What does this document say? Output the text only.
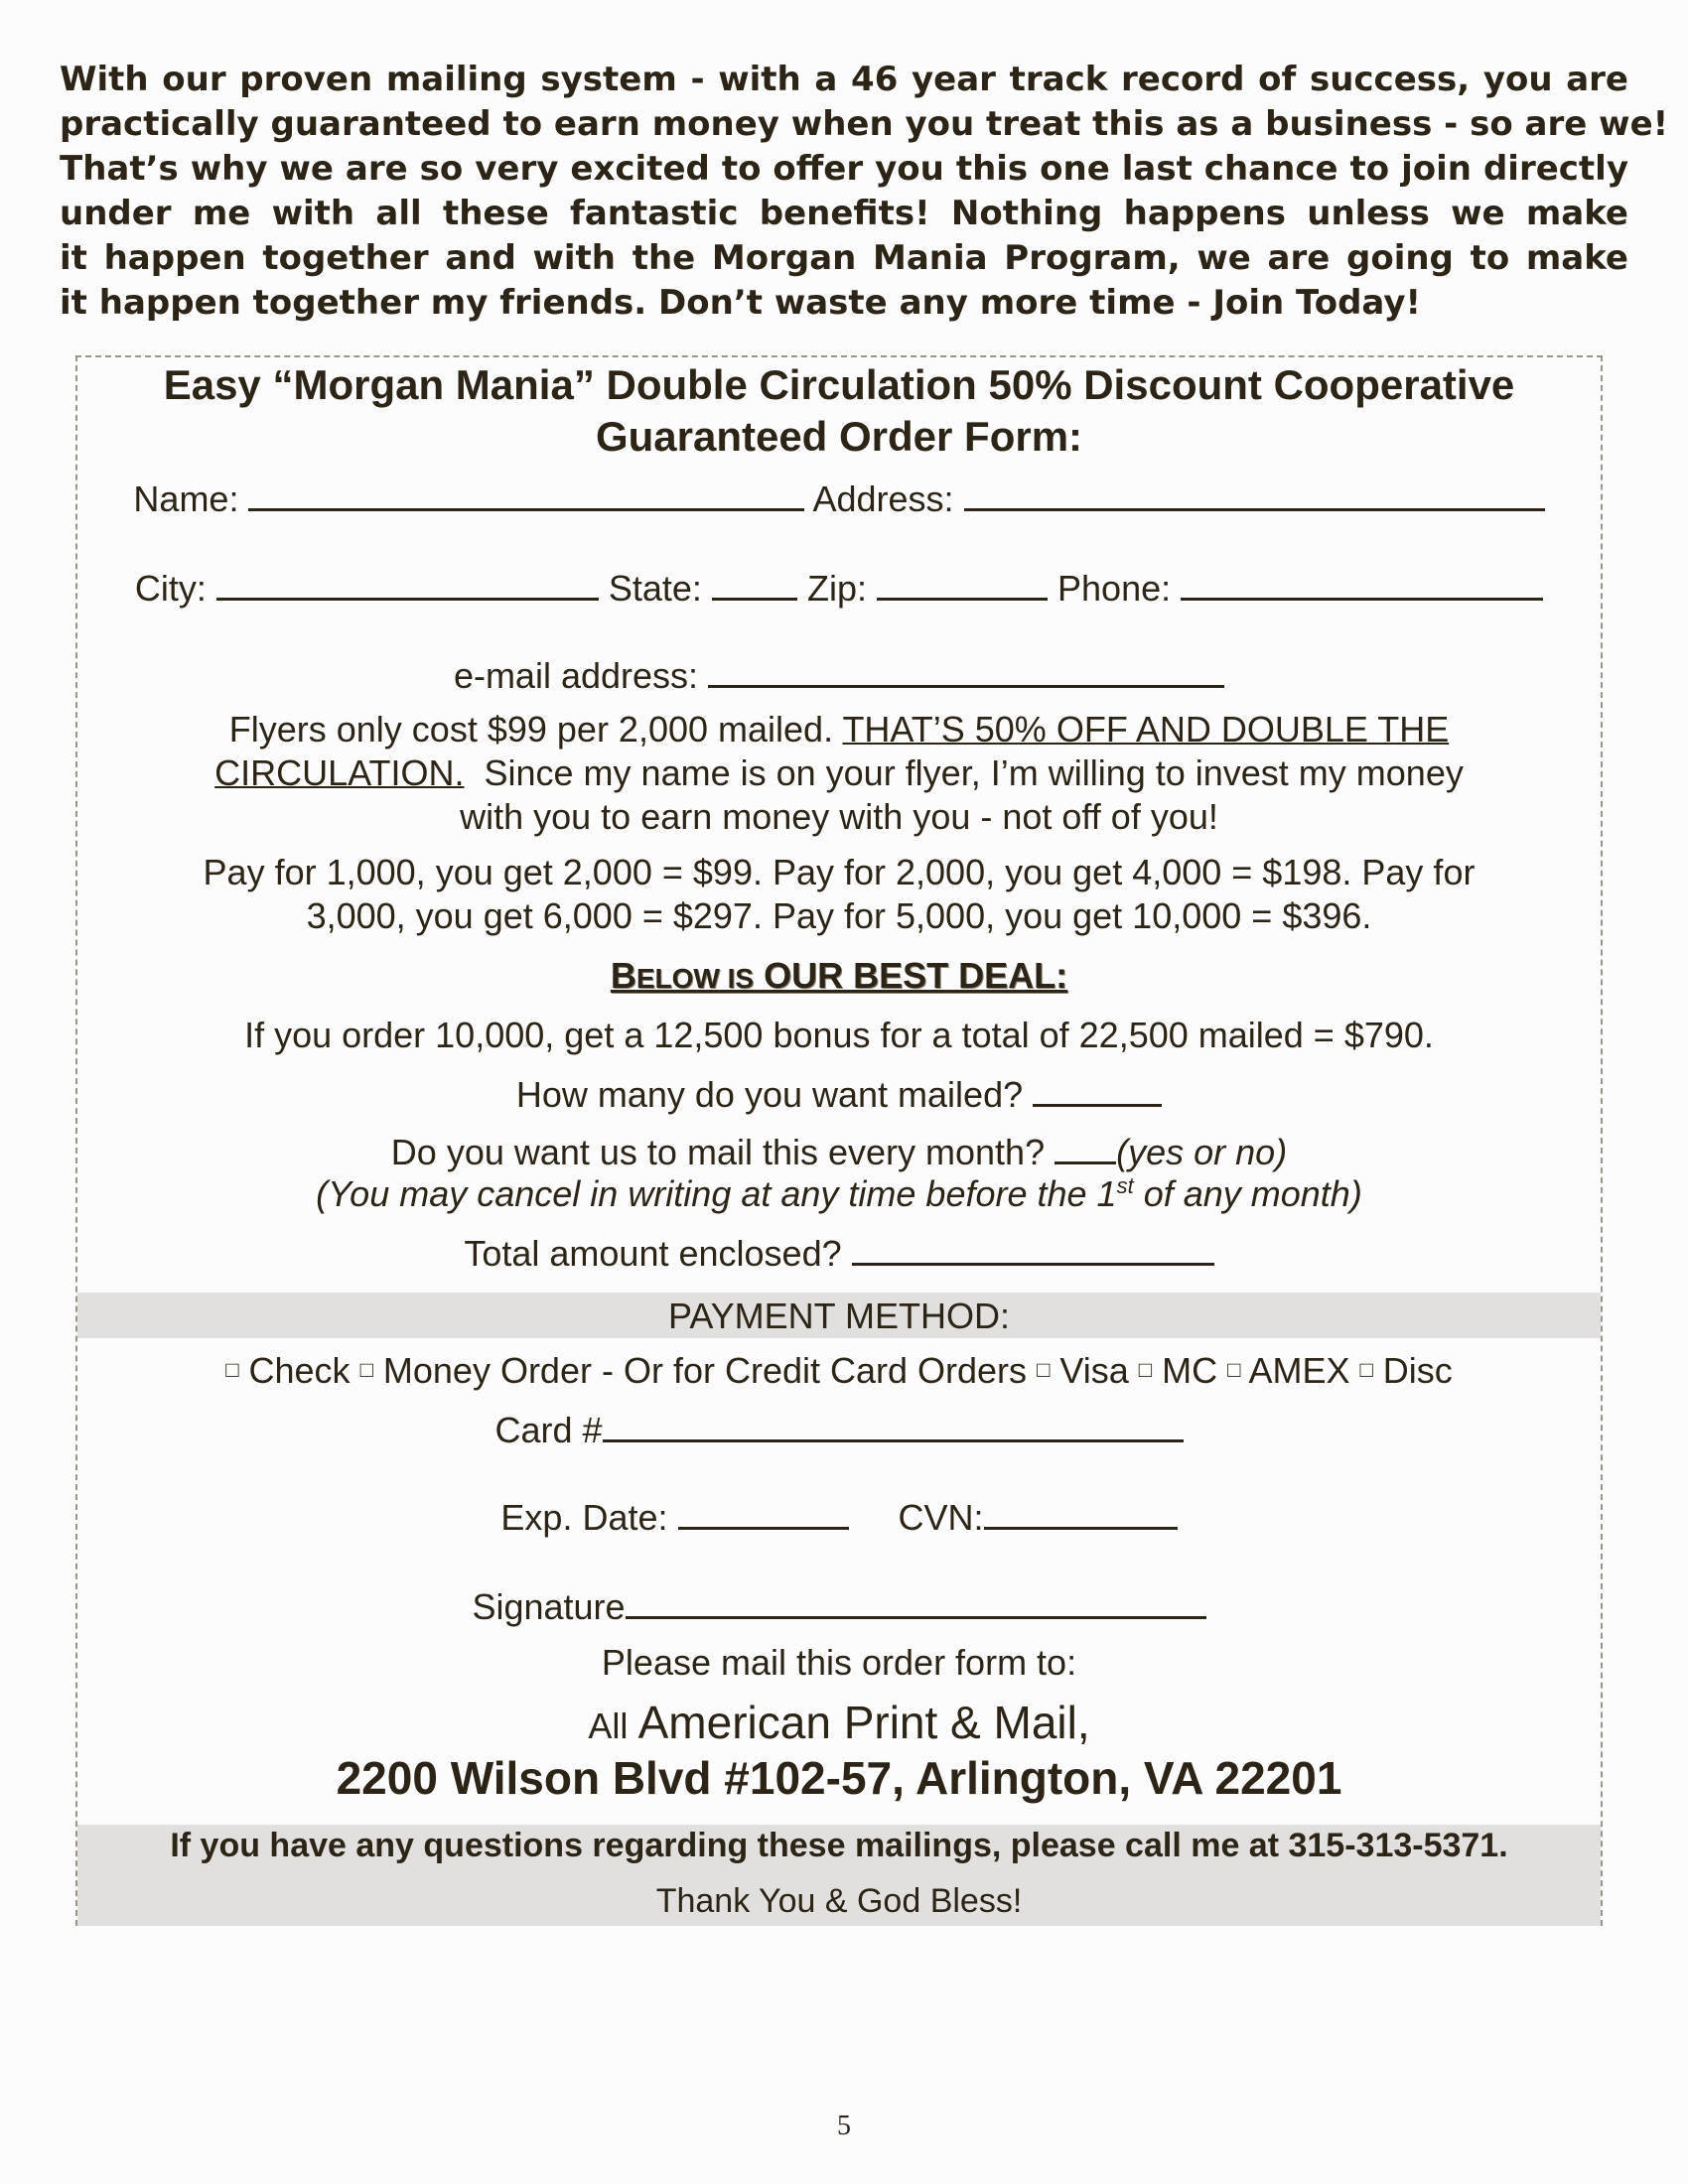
With our proven mailing system - with a 46 year track record of success, you are
practically guaranteed to earn money when you treat this as a business - so are we!
That’s why we are so very excited to offer you this one last chance to join directly
under me with all these fantastic benefits! Nothing happens unless we make
it happen together and with the Morgan Mania Program, we are going to make
it happen together my friends. Don’t waste any more time - Join Today!
Easy “Morgan Mania” Double Circulation 50% Discount Cooperative
Guaranteed Order Form:
Name:	Address:
City:	State:	Zip:	Phone:
e-mail address:
Flyers only cost $99 per 2,000 mailed. THAT’S 50% OFF AND DOUBLE THE
CIRCULATION.  Since my name is on your flyer, I’m willing to invest my money
with you to earn money with you - not off of you!
Pay for 1,000, you get 2,000 = $99. Pay for 2,000, you get 4,000 = $198. Pay for
3,000, you get 6,000 = $297. Pay for 5,000, you get 10,000 = $396.
BELOW IS OUR BEST DEAL:
If you order 10,000, get a 12,500 bonus for a total of 22,500 mailed = $790.
How many do you want mailed?
Do you want us to mail this every month? (yes or no)
(You may cancel in writing at any time before the 1st of any month)
Total amount enclosed?
PAYMENT METHOD:
□ Check □ Money Order - Or for Credit Card Orders □ Visa □ MC □ AMEX □ Disc
Card #
Exp. Date:	CVN:
Signature
Please mail this order form to:
All American Print & Mail,
2200 Wilson Blvd #102-57, Arlington, VA 22201
If you have any questions regarding these mailings, please call me at 315-313-5371.
Thank You & God Bless!
5
